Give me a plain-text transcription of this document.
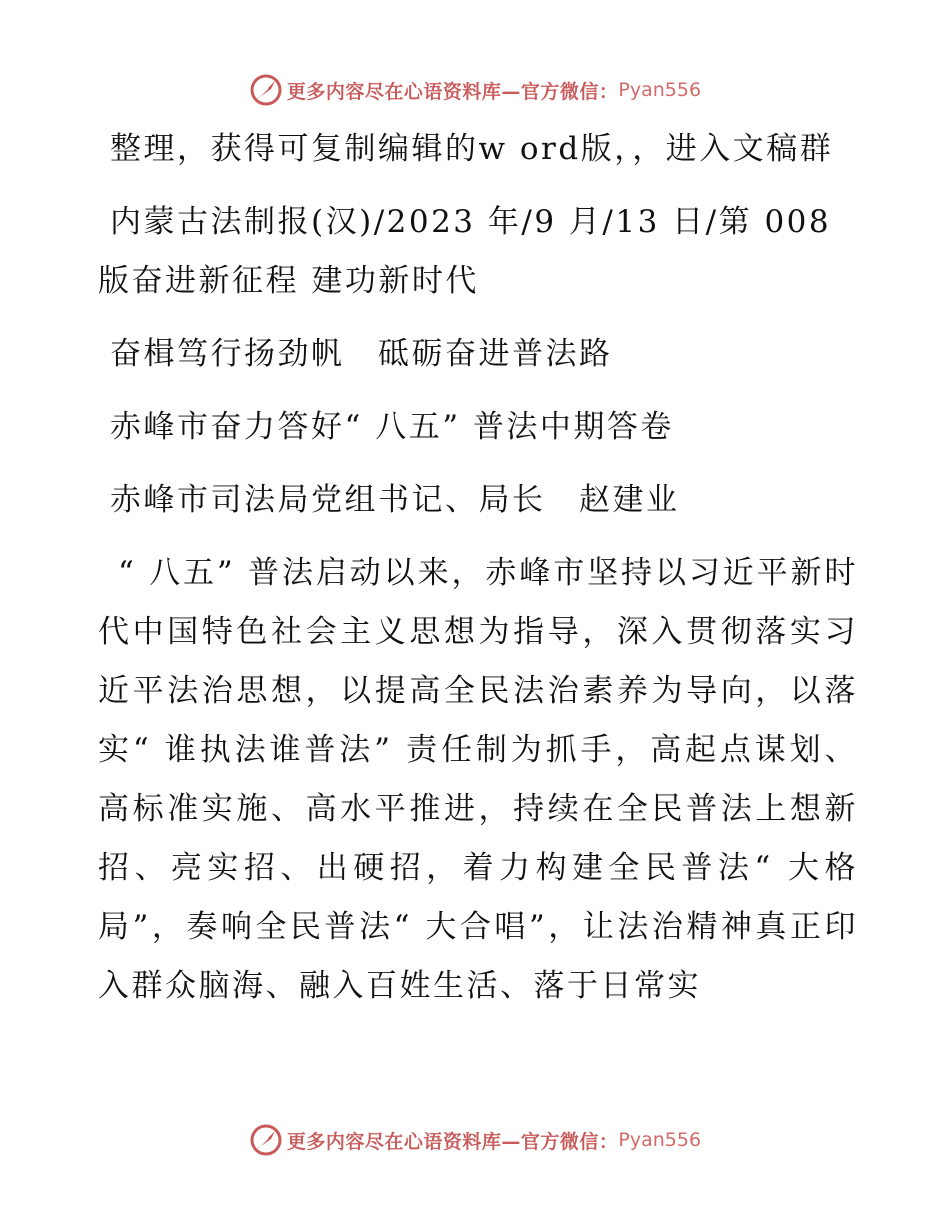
更多内容尽在心语资料库—官方微信： Pyan556

整理，获得可复制编辑的w ord版，，进入文稿群

内蒙古法制报(汉)/2023 年/9 月/13 日/第 008版奋进新征程 建功新时代

奋楫笃行扬劲帆　砥砺奋进普法路

赤峰市奋力答好“ 八五” 普法中期答卷

赤峰市司法局党组书记、局长　赵建业

“ 八五” 普法启动以来，赤峰市坚持以习近平新时代中国特色社会主义思想为指导，深入贯彻落实习近平法治思想，以提高全民法治素养为导向，以落实“ 谁执法谁普法” 责任制为抓手，高起点谋划、高标准实施、高水平推进，持续在全民普法上想新招、亮实招、出硬招，着力构建全民普法“ 大格局”，奏响全民普法“ 大合唱”，让法治精神真正印入群众脑海、融入百姓生活、落于日常实

更多内容尽在心语资料库—官方微信： Pyan556
